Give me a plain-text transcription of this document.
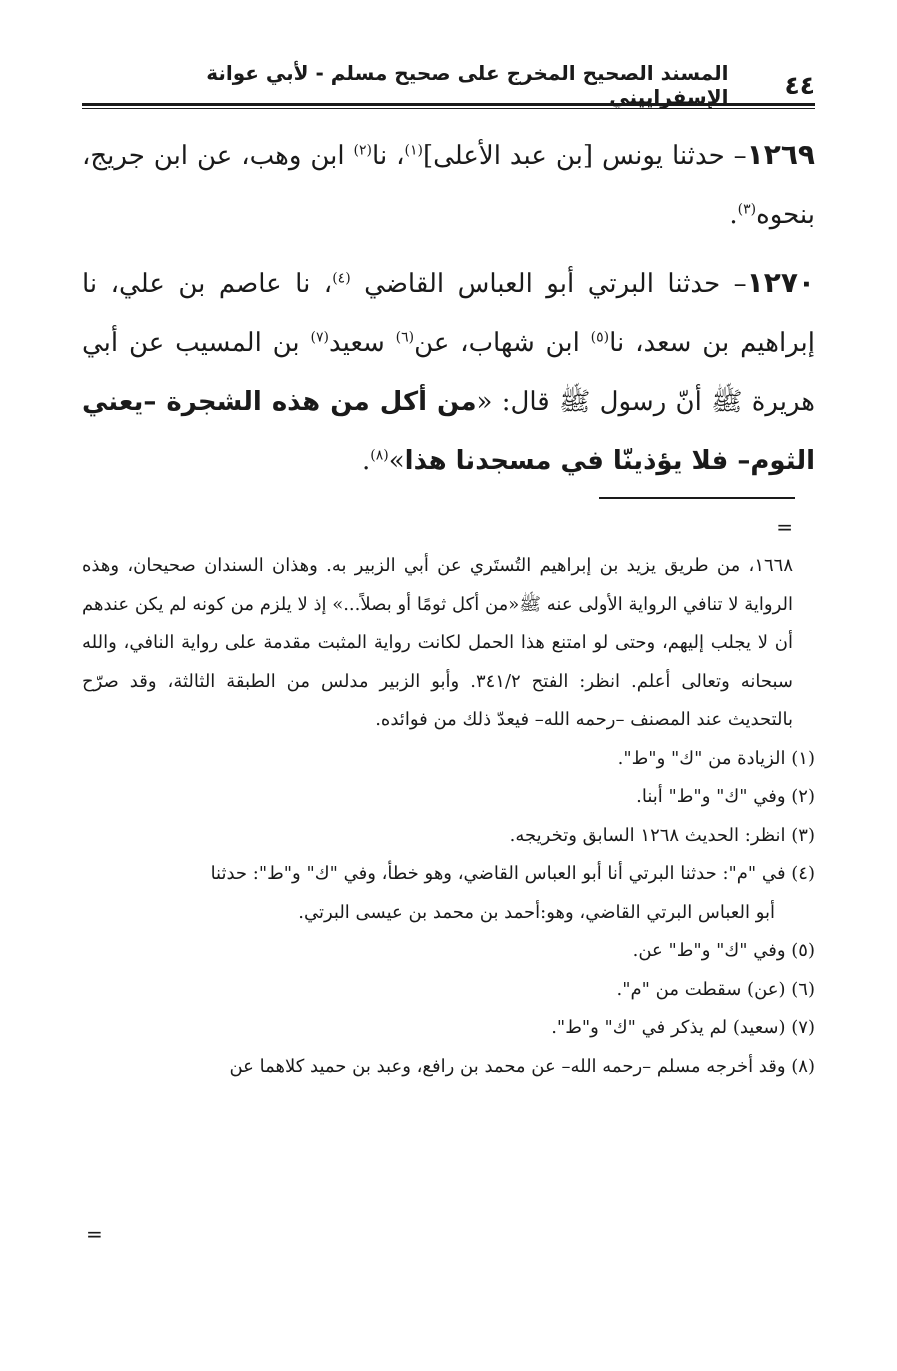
٤٤
المسند الصحيح المخرج على صحيح مسلم - لأبي عوانة الإسفراييني

١٢٦٩– حدثنا يونس [بن عبد الأعلى]$^{(١)}$، نا$^{(٢)}$ ابن وهب، عن ابن جريج، بنحوه$^{(٣)}$.

١٢٧٠– حدثنا البرتي أبو العباس القاضي $^{(٤)}$، نا عاصم بن علي، نا إبراهيم بن سعد، نا$^{(٥)}$ ابن شهاب، عن$^{(٦)}$ سعيد$^{(٧)}$ بن المسيب عن أبي هريرة ﷺ أنّ رسول ﷺ قال: «من أكل من هذه الشجرة –يعني الثوم– فلا يؤذينّا في مسجدنا هذا»$^{(٨)}$.

=

١٦٦٨، من طريق يزيد بن إبراهيم التُستَري عن أبي الزبير به. وهذان السندان صحيحان، وهذه الرواية لا تنافي الرواية الأولى عنه ﷺ«من أكل ثومًا أو بصلاً...» إذ لا يلزم من كونه لم يكن عندهم أن لا يجلب إليهم، وحتى لو امتنع هذا الحمل لكانت رواية المثبت مقدمة على رواية النافي، والله سبحانه وتعالى أعلم. انظر: الفتح ٣٤١/٢. وأبو الزبير مدلس من الطبقة الثالثة، وقد صرّح بالتحديث عند المصنف –رحمه الله– فيعدّ ذلك من فوائده.

(١) الزيادة من "ك" و"ط".

(٢) وفي "ك" و"ط" أبنا.

(٣) انظر: الحديث ١٢٦٨ السابق وتخريجه.

(٤) في "م": حدثنا البرتي أنا أبو العباس القاضي، وهو خطأ، وفي "ك" و"ط": حدثنا

أبو العباس البرتي القاضي، وهو:أحمد بن محمد بن عيسى البرتي.

(٥) وفي "ك" و"ط" عن.

(٦) (عن) سقطت من "م".

(٧) (سعيد) لم يذكر في "ك" و"ط".

(٨) وقد أخرجه مسلم –رحمه الله– عن محمد بن رافع، وعبد بن حميد كلاهما عن

=
